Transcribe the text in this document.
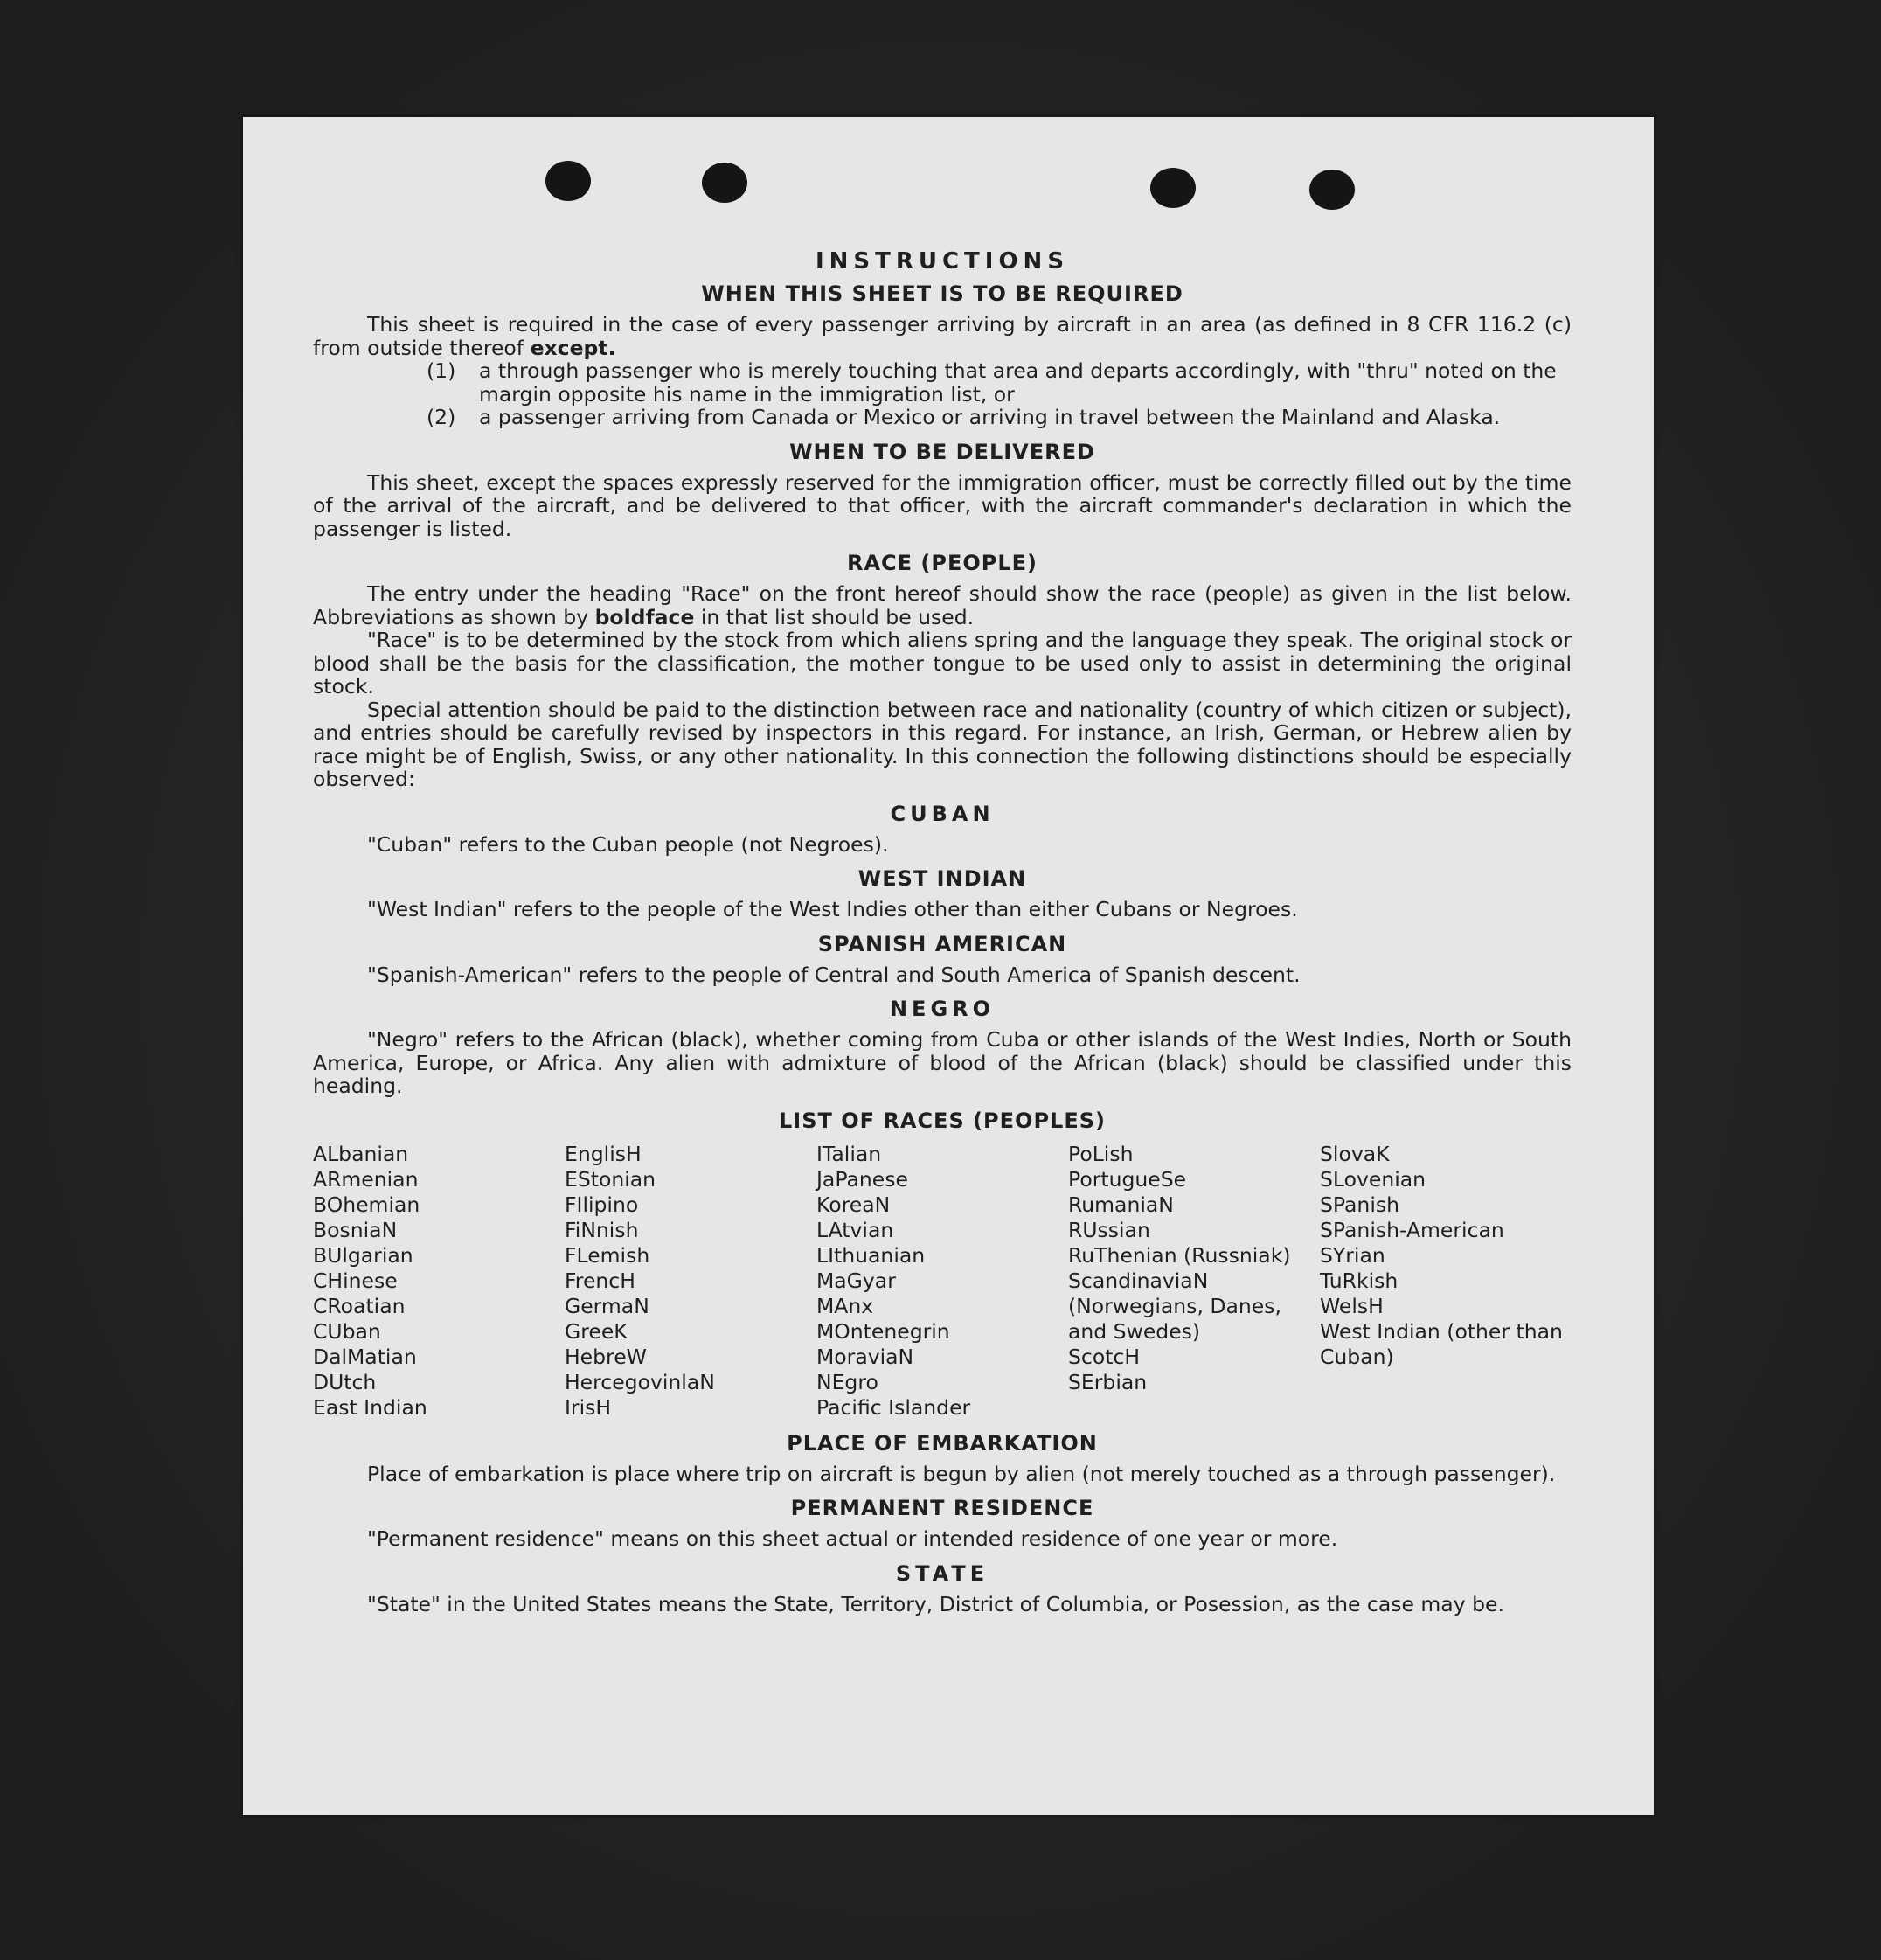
INSTRUCTIONS
WHEN THIS SHEET IS TO BE REQUIRED

This sheet is required in the case of every passenger arriving by aircraft in an area (as defined in 8 CFR 116.2 (c) from outside thereof except.

(1)	a through passenger who is merely touching that area and departs accordingly, with "thru" noted on the margin opposite his name in the immigration list, or
(2)	a passenger arriving from Canada or Mexico or arriving in travel between the Mainland and Alaska.
WHEN TO BE DELIVERED

This sheet, except the spaces expressly reserved for the immigration officer, must be correctly filled out by the time of the arrival of the aircraft, and be delivered to that officer, with the aircraft commander's declaration in which the passenger is listed.

RACE (PEOPLE)

The entry under the heading "Race" on the front hereof should show the race (people) as given in the list below. Abbreviations as shown by boldface in that list should be used.

"Race" is to be determined by the stock from which aliens spring and the language they speak. The original stock or blood shall be the basis for the classification, the mother tongue to be used only to assist in determining the original stock.

Special attention should be paid to the distinction between race and nationality (country of which citizen or subject), and entries should be carefully revised by inspectors in this regard. For instance, an Irish, German, or Hebrew alien by race might be of English, Swiss, or any other nationality. In this connection the following distinctions should be especially observed:

CUBAN

"Cuban" refers to the Cuban people (not Negroes).

WEST INDIAN

"West Indian" refers to the people of the West Indies other than either Cubans or Negroes.

SPANISH AMERICAN

"Spanish-American" refers to the people of Central and South America of Spanish descent.

NEGRO

"Negro" refers to the African (black), whether coming from Cuba or other islands of the West Indies, North or South America, Europe, or Africa. Any alien with admixture of blood of the African (black) should be classified under this heading.

LIST OF RACES (PEOPLES)
ALbanian
ARmenian
BOhemian
BosniaN
BUlgarian
CHinese
CRoatian
CUban
DalMatian
DUtch
East Indian
EnglisH
EStonian
FIlipino
FiNnish
FLemish
FrencH
GermaN
GreeK
HebreW
HercegovinlaN
IrisH
ITalian
JaPanese
KoreaN
LAtvian
LIthuanian
MaGyar
MAnx
MOntenegrin
MoraviaN
NEgro
Pacific Islander
PoLish
PortugueSe
RumaniaN
RUssian
RuThenian (Russniak)
ScandinaviaN (Norwegians, Danes, and Swedes)
ScotcH
SErbian
SlovaK
SLovenian
SPanish
SPanish-American
SYrian
TuRkish
WelsH
West Indian (other than Cuban)
PLACE OF EMBARKATION

Place of embarkation is place where trip on aircraft is begun by alien (not merely touched as a through passenger).

PERMANENT RESIDENCE

"Permanent residence" means on this sheet actual or intended residence of one year or more.

STATE

"State" in the United States means the State, Territory, District of Columbia, or Posession, as the case may be.
